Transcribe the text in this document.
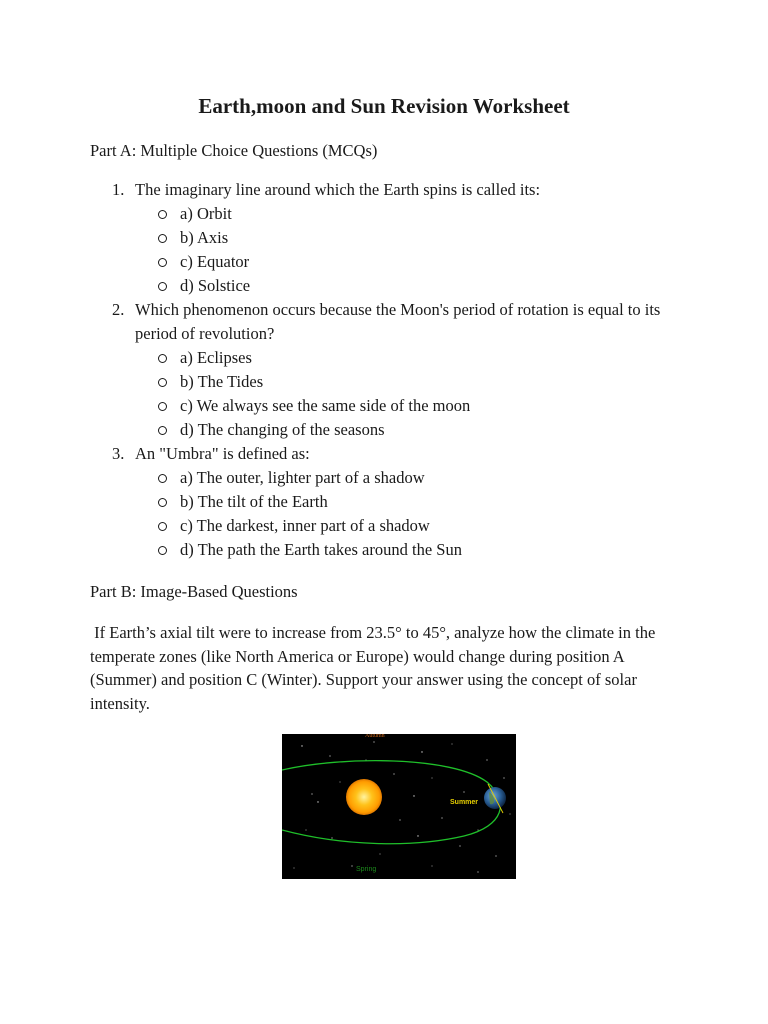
Earth,moon and Sun Revision Worksheet

Part A: Multiple Choice Questions (MCQs)

1. The imaginary line around which the Earth spins is called its:
a) Orbit
b) Axis
c) Equator
d) Solstice
2. Which phenomenon occurs because the Moon's period of rotation is equal to its period of revolution?
a) Eclipses
b) The Tides
c) We always see the same side of the moon
d) The changing of the seasons
3. An "Umbra" is defined as:
a) The outer, lighter part of a shadow
b) The tilt of the Earth
c) The darkest, inner part of a shadow
d) The path the Earth takes around the Sun

Part B: Image-Based Questions

If Earth’s axial tilt were to increase from 23.5° to 45°, analyze how the climate in the temperate zones (like North America or Europe) would change during position A (Summer) and position C (Winter). Support your answer using the concept of solar intensity.

Autumn
Summer
Spring
